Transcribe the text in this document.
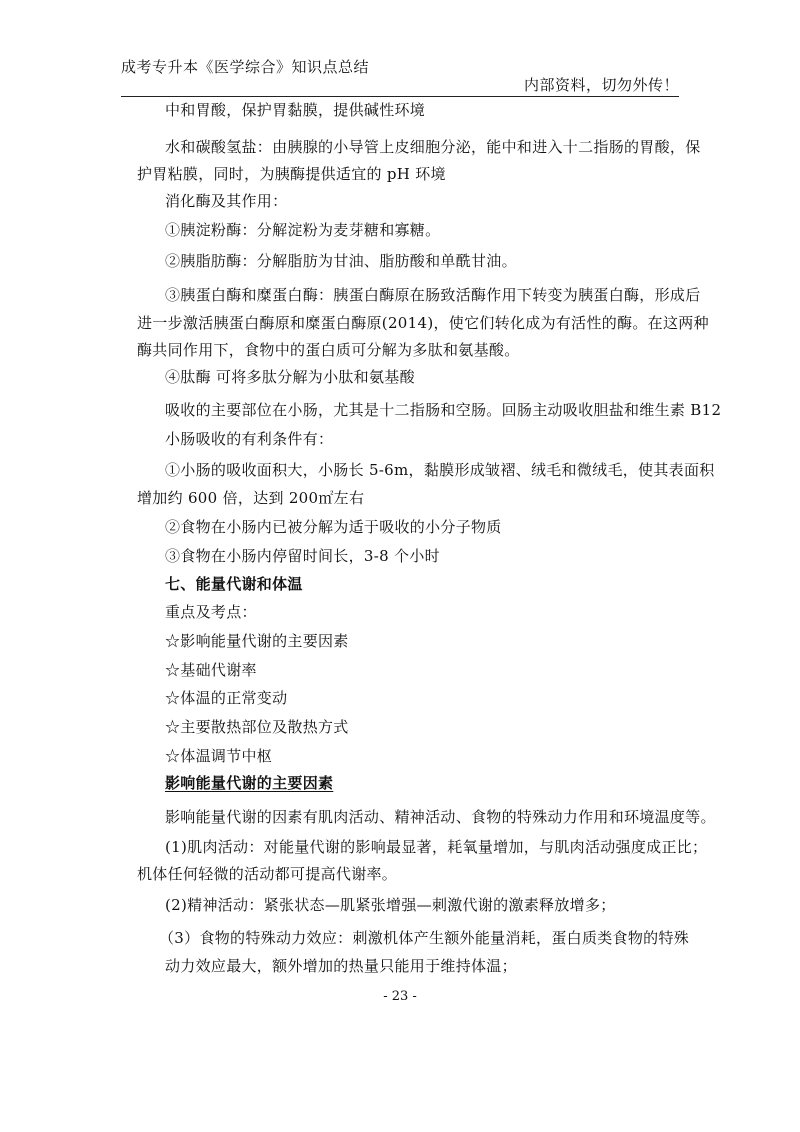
成考专升本《医学综合》知识点总结
内部资料，切勿外传！
中和胃酸，保护胃黏膜，提供碱性环境
水和碳酸氢盐：由胰腺的小导管上皮细胞分泌，能中和进入十二指肠的胃酸，保
护胃粘膜，同时，为胰酶提供适宜的 pH 环境
消化酶及其作用：
①胰淀粉酶：分解淀粉为麦芽糖和寡糖。
②胰脂肪酶：分解脂肪为甘油、脂肪酸和单酰甘油。
③胰蛋白酶和糜蛋白酶：胰蛋白酶原在肠致活酶作用下转变为胰蛋白酶，形成后
进一步激活胰蛋白酶原和糜蛋白酶原(2014)，使它们转化成为有活性的酶。在这两种
酶共同作用下，食物中的蛋白质可分解为多肽和氨基酸。
④肽酶 可将多肽分解为小肽和氨基酸
吸收的主要部位在小肠，尤其是十二指肠和空肠。回肠主动吸收胆盐和维生素 B12
小肠吸收的有利条件有：
①小肠的吸收面积大，小肠长 5-6m，黏膜形成皱褶、绒毛和微绒毛，使其表面积
增加约 600 倍，达到 200㎡左右
②食物在小肠内已被分解为适于吸收的小分子物质
③食物在小肠内停留时间长，3-8 个小时
七、能量代谢和体温
重点及考点：
☆影响能量代谢的主要因素
☆基础代谢率
☆体温的正常变动
☆主要散热部位及散热方式
☆体温调节中枢
影响能量代谢的主要因素
影响能量代谢的因素有肌肉活动、精神活动、食物的特殊动力作用和环境温度等。
(1)肌肉活动：对能量代谢的影响最显著，耗氧量增加，与肌肉活动强度成正比；
机体任何轻微的活动都可提高代谢率。
(2)精神活动：紧张状态—肌紧张增强—刺激代谢的激素释放增多；
（3）食物的特殊动力效应：刺激机体产生额外能量消耗，蛋白质类食物的特殊
动力效应最大，额外增加的热量只能用于维持体温；
- 23 -
